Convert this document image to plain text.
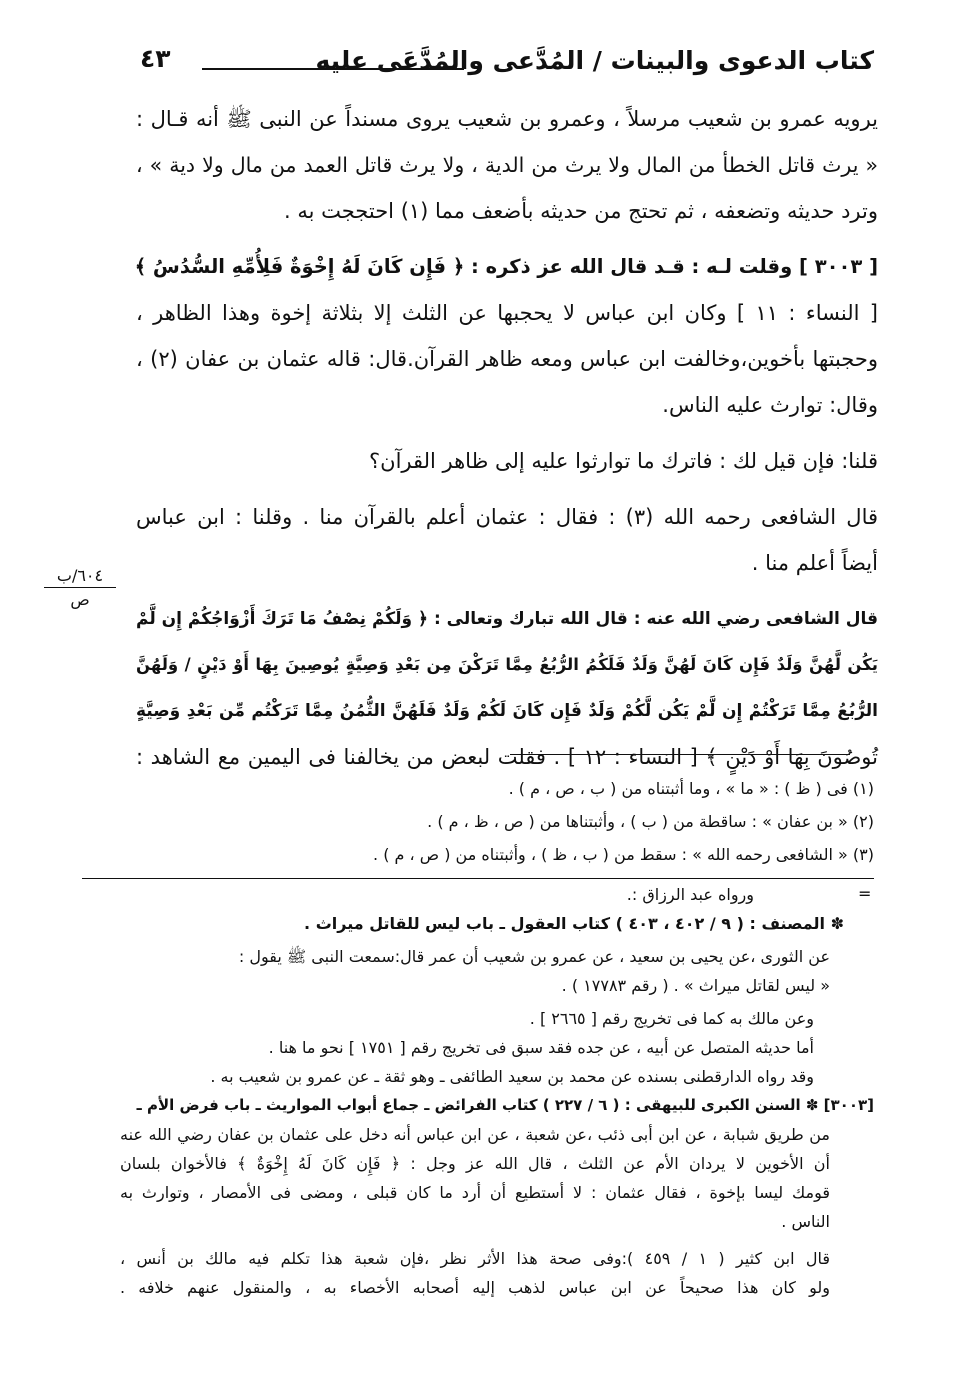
كتاب الدعوى والبينات / المُدَّعى والمُدَّعَى عليه
٤٣
٦٠٤/ب
ص
يرويه عمرو بن شعيب مرسلاً ، وعمرو بن شعيب يروى مسنداً عن النبى ﷺ أنه قـال :
« يرث قاتل الخطأ من المال ولا يرث من الدية ، ولا يرث قاتل العمد من مال ولا دية » ،
وترد حديثه وتضعفه ، ثم تحتج من حديثه بأضعف مما (١) احتججت به .
[ ٣٠٠٣ ] وقلت لـه : قـد قال الله عز ذكره : ﴿ فَإِن كَانَ لَهُ إِخْوَةٌ فَلِأُمِّهِ السُّدُسُ ﴾
[ النساء : ١١ ] وكان ابن عباس لا يحجبها عن الثلث إلا بثلاثة إخوة وهذا الظاهر ،
وحجبتها بأخوين،وخالفت ابن عباس ومعه ظاهر القرآن.قال: قاله عثمان بن عفان (٢) ،
وقال: توارث عليه الناس.
قلنا: فإن قيل لك : فاترك ما توارثوا عليه إلى ظاهر القرآن؟
قال الشافعى رحمه الله (٣) : فقال : عثمان أعلم بالقرآن منا . وقلنا : ابن عباس
أيضاً أعلم منا .
قال الشافعى رضي الله عنه : قال الله تبارك وتعالى : ﴿ وَلَكُمْ نِصْفُ مَا تَرَكَ أَزْوَاجُكُمْ إِن لَّمْ
يَكُن لَّهُنَّ وَلَدٌ فَإِن كَانَ لَهُنَّ وَلَدٌ فَلَكُمُ الرُّبُعُ مِمَّا تَرَكْنَ مِن بَعْدِ وَصِيَّةٍ يُوصِينَ بِهَا أَوْ دَيْنٍ / وَلَهُنَّ
الرُّبُعُ مِمَّا تَرَكْتُمْ إِن لَّمْ يَكُن لَّكُمْ وَلَدٌ فَإِن كَانَ لَكُمْ وَلَدٌ فَلَهُنَّ الثُّمُنُ مِمَّا تَرَكْتُم مِّن بَعْدِ وَصِيَّةٍ
تُوصُونَ بِهَا أَوْ دَيْنٍ ﴾ [ النساء : ١٢ ] . فقلت لبعض من يخالفنا فى اليمين مع الشاهد :
(١) فى ( ظ ) : « ما » ، وما أثبتناه من ( ب ، ص ، م ) .
(٢) « بن عفان » : ساقطة من ( ب ) ، وأثبتناها من ( ص ، ظ ، م ) .
(٣) « الشافعى رحمه الله » : سقط من ( ب ، ظ ) ، وأثبتناه من ( ص ، م ) .
=
ورواه عبد الرزاق :.
✽ المصنف : ( ٩ / ٤٠٢ ، ٤٠٣ ) كتاب العقول ـ باب ليس للقاتل ميراث .
عن الثورى ،عن يحيى بن سعيد ، عن عمرو بن شعيب أن عمر قال:سمعت النبى ﷺ يقول :
« ليس لقاتل ميراث » . ( رقم ١٧٧٨٣ ) .
وعن مالك به كما فى تخريج رقم [ ٢٦٦٥ ] .
أما حديثه المتصل عن أبيه ، عن جده فقد سبق فى تخريج رقم [ ١٧٥١ ] نحو ما هنا .
وقد رواه الدارقطنى بسنده عن محمد بن سعيد الطائفى ـ وهو ثقة ـ عن عمرو بن شعيب به .
[٣٠٠٣] ✽ السنن الكبرى للبيهقى : ( ٦ / ٢٢٧ ) كتاب الفرائض ـ جماع أبواب المواريث ـ باب فرض الأم ـ
من طريق شبابة ، عن ابن أبى ذئب ،عن شعبة ، عن ابن عباس أنه دخل على عثمان بن عفان رضي الله عنه
أن الأخوين لا يردان الأم عن الثلث ، قال الله عز وجل : ﴿ فَإِن كَانَ لَهُ إِخْوَةٌ ﴾ فالأخوان بلسان
قومك ليسا بإخوة ، فقال عثمان : لا أستطيع أن أرد ما كان قبلى ، ومضى فى الأمصار ، وتوارث به
الناس .
قال ابن كثير ( ١ / ٤٥٩ ):وفى صحة هذا الأثر نظر ،فإن شعبة هذا تكلم فيه مالك بن أنس ،
ولو كان هذا صحيحاً عن ابن عباس لذهب إليه أصحابه الأخصاء به ، والمنقول عنهم خلافه .
